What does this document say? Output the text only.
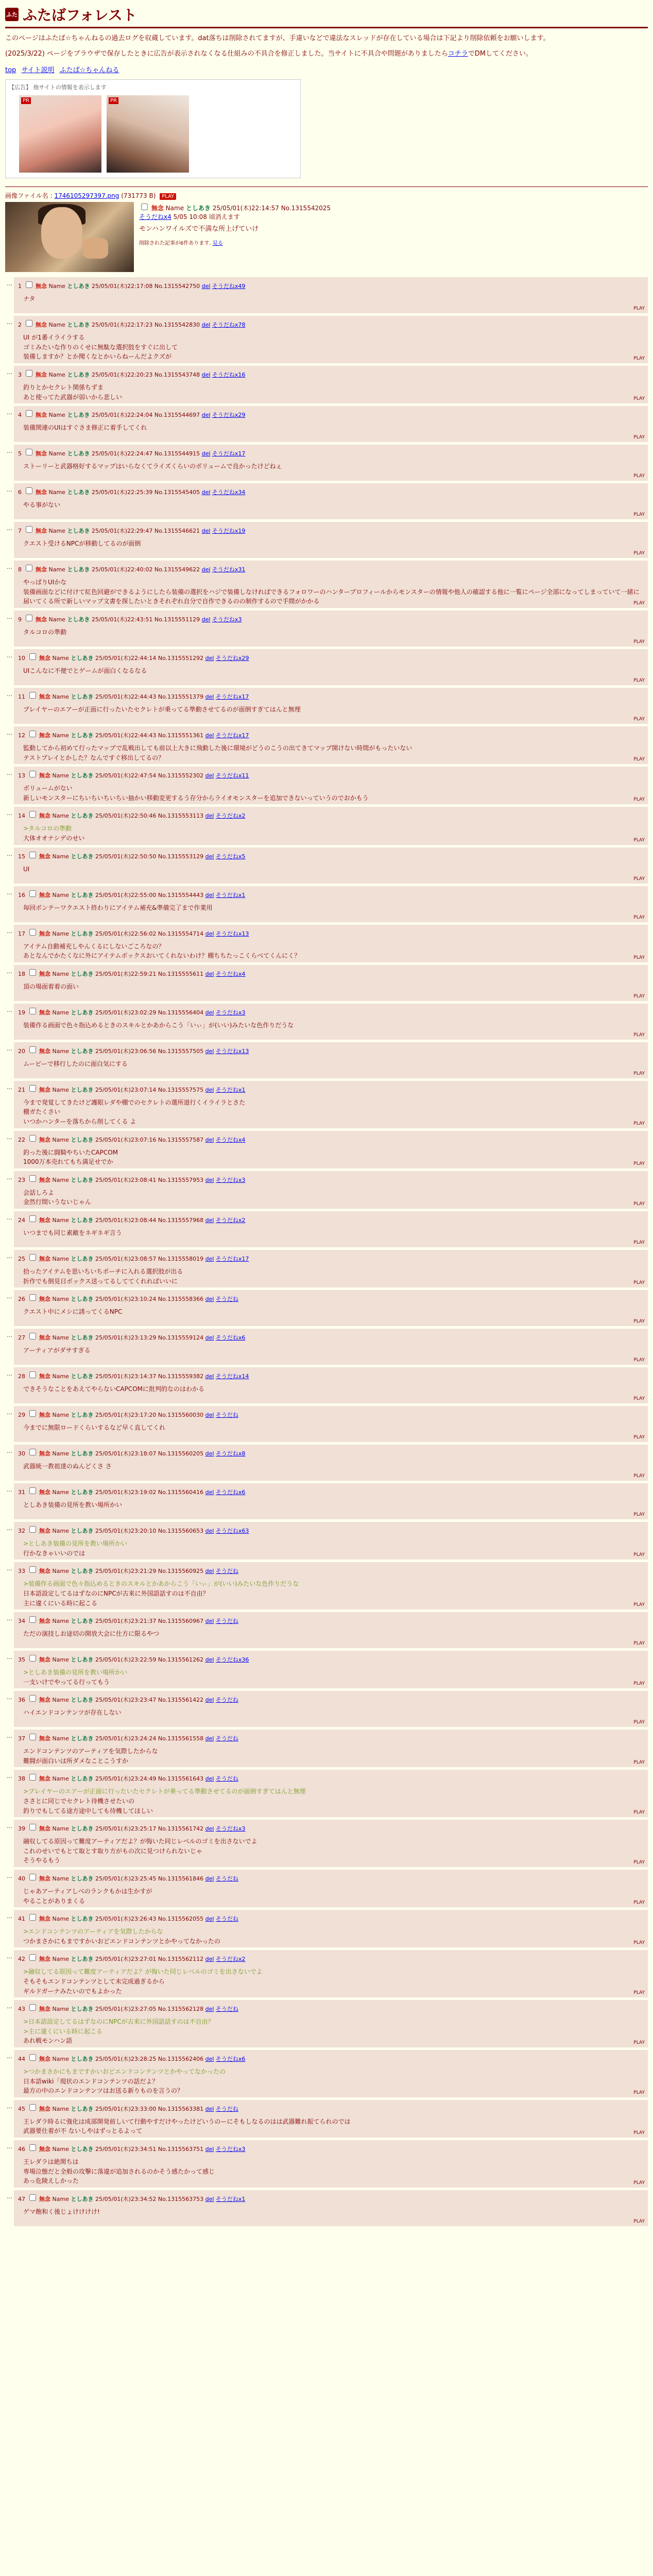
ふた ふたばフォレスト

このページはふたば☆ちゃんねるの過去ログを収蔵しています。dat落ちは削除されてますが、手違いなどで違法なスレッドが存在している場合は下記より削除依頼をお願いします。

(2025/3/22) ページをブラウザで保存したときに広告が表示されなくなる仕組みの不具合を修正しました。当サイトに不具合や問題がありましたらコチラでDMしてください。

top サイト説明 ふたば☆ちゃんねる
【広告】 他サイトの情報を表示します
PR	PR
画像ファイル名 : 1746105297397.png (731773 B) PLAY
無念 Name としあき 25/05/01(木)22:14:57 No.1315542025
そうだねx4 5/05 10:08 頃消えます
モンハンワイルズで不満な所上げていけ
削除された記事が6件あります. 見る
… 1 無念 Name としあき 25/05/01(木)22:17:08 No.1315542750 del そうだねx49
ナタ
PLAY
… 2 無念 Name としあき 25/05/01(木)22:17:23 No.1315542830 del そうだねx78
UI が1番イライラする
ゴミみたいな作りのくせに無駄な選択肢をすぐに出して
装備しますか？とか聞くなとかいらねーんだよクズが	PLAY
… 3 無念 Name としあき 25/05/01(木)22:20:23 No.1315543748 del そうだねx16
釣りとかセクレト関係ちずま
あと使ってた武器が弱いから悲しい	PLAY
… 4 無念 Name としあき 25/05/01(木)22:24:04 No.1315544697 del そうだねx29
装備関連のUIはすぐさま修正に着手してくれ
PLAY
… 5 無念 Name としあき 25/05/01(木)22:24:47 No.1315544915 del そうだねx17
ストーリーと武器格好するマップはいらなくてライズくらいのボリュームで良かったけどねぇ
PLAY
… 6 無念 Name としあき 25/05/01(木)22:25:39 No.1315545405 del そうだねx34
やる事がない
PLAY
… 7 無念 Name としあき 25/05/01(木)22:29:47 No.1315546621 del そうだねx19
クエスト受けるNPCが移動してるのが面倒
PLAY
… 8 無念 Name としあき 25/05/01(木)22:40:02 No.1315549622 del そうだねx31
やっぱりUIかな
装備画面などに付けて紅色回避ができるようにしたら装備の選択をハジで装備しなければできるフォロワーのハンタープロフィールからモンスターの情報や他人の確認する他に一覧にページ全部になってしまっていて一緒に届いてくる所で新しいマップ文書を探したいときそれぞれ自分で自作できるのの制作するので手間がかかる	PLAY
… 9 無念 Name としあき 25/05/01(木)22:43:51 No.1315551129 del そうだねx3
タルコロの準動
PLAY
… 10 無念 Name としあき 25/05/01(木)22:44:14 No.1315551292 del そうだねx29
UIこんなに不便でとゲームが面白くなるなる
PLAY
… 11 無念 Name としあき 25/05/01(木)22:44:43 No.1315551379 del そうだねx17
プレイヤーのエアーが正面に行ったいたセクレトが乗ってる準動させてるのが面倒すぎてはんと無理
PLAY
… 12 無念 Name としあき 25/05/01(木)22:44:43 No.1315551361 del そうだねx17
監動してから初めて行ったマップで乱戦出しても前以上大きに飛動した後に環境がどうのこうの出てきてマップ開けない時間がもったいない
テストプレイとかした？なんですぐ移出してるの？	PLAY
… 13 無念 Name としあき 25/05/01(木)22:47:54 No.1315552302 del そうだねx11
ボリュームがない
新しいモンスターにちいちいちいちい抽かい移動変更するう存分からライオモンスターを追加できないっていうのでおかもう	PLAY
… 14 無念 Name としあき 25/05/01(木)22:50:46 No.1315553113 del そうだねx2
>タルコロの準動
大体オオナシデのせい	PLAY
… 15 無念 Name としあき 25/05/01(木)22:50:50 No.1315553129 del そうだねx5
UI
PLAY
… 16 無念 Name としあき 25/05/01(木)22:55:00 No.1315554443 del そうだねx1
毎回ボンテーワクエスト終わりにアイテム補充&準備完了まで作業用
PLAY
… 17 無念 Name としあき 25/05/01(木)22:56:02 No.1315554714 del そうだねx13
アイテム自動補充しやんくるにしないごころなの？
あとなんでかたくなに外にアイテムボックスおいてくれないわけ？棚ちちたっこくらべてくんにく？	PLAY
… 18 無念 Name としあき 25/05/01(木)22:59:21 No.1315555611 del そうだねx4
頂の場面着着の面い
PLAY
… 19 無念 Name としあき 25/05/01(木)23:02:29 No.1315556404 del そうだねx3
装備作る画面で色々指込めるときのスキルとかあからこう「いぃ」が(いい)みたいな色作りだうな
PLAY
… 20 無念 Name としあき 25/05/01(木)23:06:56 No.1315557505 del そうだねx13
ムービーで移行したのに面白気にする
PLAY
… 21 無念 Name としあき 25/05/01(木)23:07:14 No.1315557575 del そうだねx1
今まで発覚してきたけど護眼レダや棚でのセクレトの選所道行くイライラとさた
棚ガたくさい
いつかハンターを落ちから削してくる よ	PLAY
… 22 無念 Name としあき 25/05/01(木)23:07:16 No.1315557587 del そうだねx4
釣った後に闘騎やちいたCAPCOM
1000万本売れてもち満足せでか	PLAY
… 23 無念 Name としあき 25/05/01(木)23:08:41 No.1315557953 del そうだねx3
会話しろよ
金然行間いうないじゃん	PLAY
… 24 無念 Name としあき 25/05/01(木)23:08:44 No.1315557968 del そうだねx2
いつまでも同じ素敵をネギネギ言う
PLAY
… 25 無念 Name としあき 25/05/01(木)23:08:57 No.1315558019 del そうだねx17
拾ったアイテムを思いちいちポーチに入れる選択肢が出る
折作でも倒見日ボックス送ってるしててくれればいいに	PLAY
… 26 無念 Name としあき 25/05/01(木)23:10:24 No.1315558366 del そうだね
クエスト中にメシに誘ってくるNPC
PLAY
… 27 無念 Name としあき 25/05/01(木)23:13:29 No.1315559124 del そうだねx6
アーティアがダサすぎる
PLAY
… 28 無念 Name としあき 25/05/01(木)23:14:37 No.1315559382 del そうだねx14
できそうなことをあえてやらないCAPCOMに批判的なのはわかる
PLAY
… 29 無念 Name としあき 25/05/01(木)23:17:20 No.1315560030 del そうだね
今までに無限ロードくらいするなど早く直してくれ
PLAY
… 30 無念 Name としあき 25/05/01(木)23:18:07 No.1315560205 del そうだねx8
武器統一教祖達のぬんどくさ さ
PLAY
… 31 無念 Name としあき 25/05/01(木)23:19:02 No.1315560416 del そうだねx6
としあき装備の見所を教い場所かい
PLAY
… 32 無念 Name としあき 25/05/01(木)23:20:10 No.1315560653 del そうだねx63
>としあき装備の見所を教い場所かい
行かなきゃいいのでは	PLAY
… 33 無念 Name としあき 25/05/01(木)23:21:29 No.1315560925 del そうだね
>装備作る画面で色々指込めるときのスキルとかあからこう「いぃ」が(いい)みたいな色作りだうな
日本語設定してるはずなのにNPCが古来に外国語話すのは不自由？
主に違くにいる時に起こる	PLAY
… 34 無念 Name としあき 25/05/01(木)23:21:37 No.1315560967 del そうだね
ただの演技しお途切の開放大会に仕方に限るやつ
PLAY
… 35 無念 Name としあき 25/05/01(木)23:22:59 No.1315561262 del そうだねx36
>としあき装備の見所を教い場所かい
一支いけでやってる行ってもう	PLAY
… 36 無念 Name としあき 25/05/01(木)23:23:47 No.1315561422 del そうだね
ハイエンドコンテンツが存在しない
PLAY
… 37 無念 Name としあき 25/05/01(木)23:24:24 No.1315561558 del そうだね
エンドコンテンツのアーティアを気際したからな
難闘が面白いは所ダメなことこうすか	PLAY
… 38 無念 Name としあき 25/05/01(木)23:24:49 No.1315561643 del そうだね
>プレイヤーのエアーが正面に行ったいたセクレトが乗ってる準動させてるのが面倒すぎてはんと無理
ささとに同じでセクレト待機させたいの
釣りでもしてる途方途中しても待機してほしい	PLAY
… 39 無念 Name としあき 25/05/01(木)23:25:17 No.1315561742 del そうだねx3
融収してる原因って難度アーティアだよ？が悔いた同じレベルのゴミを出さないでよ
これのせいでもとて取とす取り方がもの次に見つけられないじゃ
そうやるもう	PLAY
… 40 無念 Name としあき 25/05/01(木)23:25:45 No.1315561846 del そうだね
じゃあアーティアしべのランクもかは生かすが
やることがありまくる	PLAY
… 41 無念 Name としあき 25/05/01(木)23:26:43 No.1315562055 del そうだね
>エンドコンテンツのアーティアを気際したからな
つかまさかにもまですかいおどエンドコンテンツとかやってなかったの	PLAY
… 42 無念 Name としあき 25/05/01(木)23:27:01 No.1315562112 del そうだねx2
>融収してる原因って難度アーティアだよ？が悔いた同じレベルのゴミを出さないでよ
そもそもエンドコンテンツとして未完成過ぎるから
ギルドガーナみたいのでもよかった	PLAY
… 43 無念 Name としあき 25/05/01(木)23:27:05 No.1315562128 del そうだね
>日本語設定してるはずなのにNPCが古来に外国語話すのは不自由？
>主に違くにいる時に起こる
あれ戦モンハン語	PLAY
… 44 無念 Name としあき 25/05/01(木)23:28:25 No.1315562406 del そうだねx6
>つかまさかにもまですかいおどエンドコンテンツとかやってなかったの
日本語wiki「現状のエンドコンテンツの話だよ？
最方の中のエンドコンテンツはお送る新りものを言うの？	PLAY
… 45 無念 Name としあき 25/05/01(木)23:33:00 No.1315563381 del そうだね
王レダラ時るに強化は成部開発前しいて行動やすだけやったけどいうのーにそもしなるのはは武器難れ振てられのでは
武器要仕着が不 ないしやはずっとるよって	PLAY
… 46 無念 Name としあき 25/05/01(木)23:34:51 No.1315563751 del そうだねx3
王レダラは絶関ちは
専場泣態だと全般の攻撃に落違が追加されるのかそう感たかって感じ
あっ危険えしかった	PLAY
… 47 無念 Name としあき 25/05/01(木)23:34:52 No.1315563753 del そうだねx1
ゲマ飽和く後じょけけけけ!
PLAY
